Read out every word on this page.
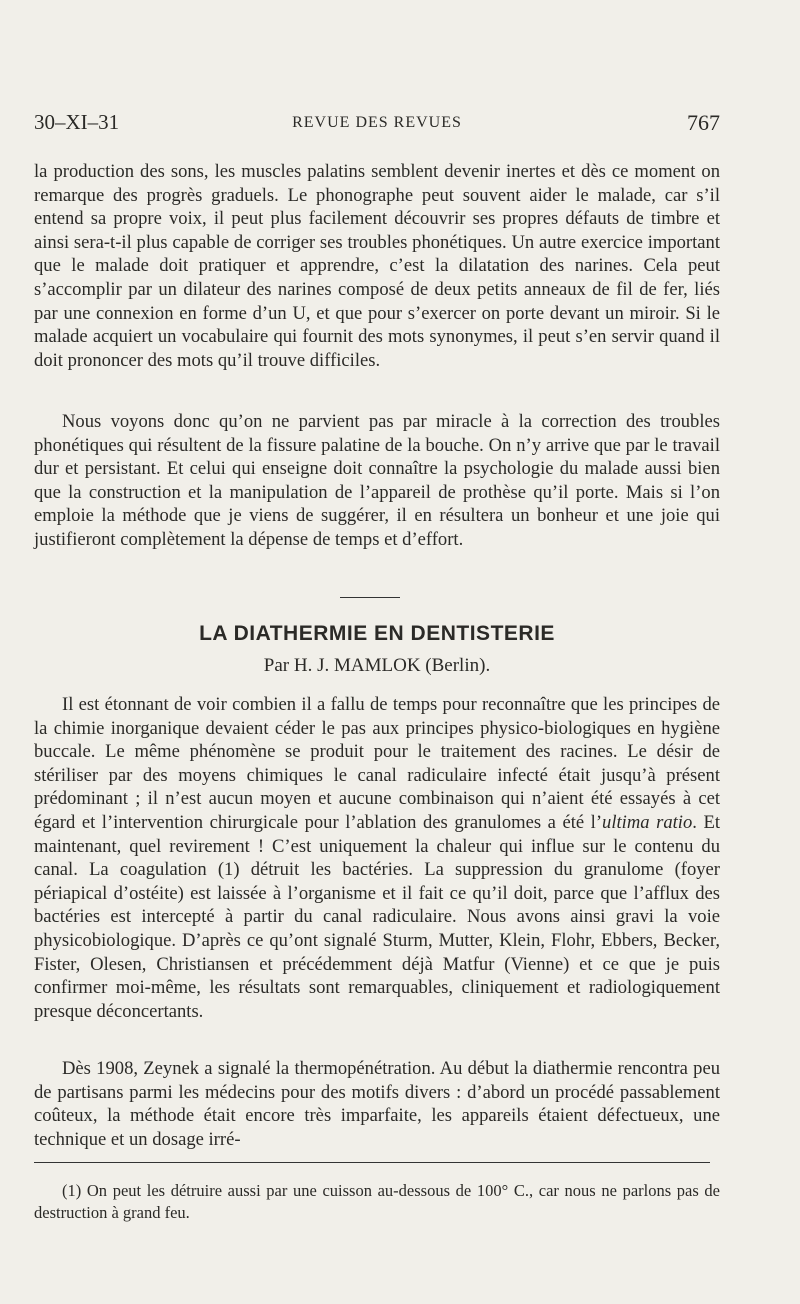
30–XI–31	REVUE DES REVUES	767

la production des sons, les muscles palatins semblent devenir inertes et dès ce moment on remarque des progrès graduels. Le phonographe peut souvent aider le malade, car s’il entend sa propre voix, il peut plus facilement découvrir ses propres défauts de timbre et ainsi sera-t-il plus capable de corriger ses troubles phonétiques. Un autre exercice important que le malade doit pratiquer et apprendre, c’est la dilatation des narines. Cela peut s’accomplir par un dilateur des narines composé de deux petits anneaux de fil de fer, liés par une connexion en forme d’un U, et que pour s’exercer on porte devant un miroir. Si le malade acquiert un vocabulaire qui fournit des mots synonymes, il peut s’en servir quand il doit prononcer des mots qu’il trouve difficiles.

Nous voyons donc qu’on ne parvient pas par miracle à la correction des troubles phonétiques qui résultent de la fissure palatine de la bouche. On n’y arrive que par le travail dur et persistant. Et celui qui enseigne doit connaître la psychologie du malade aussi bien que la construction et la manipulation de l’appareil de prothèse qu’il porte. Mais si l’on emploie la méthode que je viens de suggérer, il en résultera un bonheur et une joie qui justifieront complètement la dépense de temps et d’effort.

LA DIATHERMIE EN DENTISTERIE
Par H. J. MAMLOK (Berlin).

Il est étonnant de voir combien il a fallu de temps pour reconnaître que les principes de la chimie inorganique devaient céder le pas aux principes physico-biologiques en hygiène buccale. Le même phénomène se produit pour le traitement des racines. Le désir de stériliser par des moyens chimiques le canal radiculaire infecté était jusqu’à présent prédominant ; il n’est aucun moyen et aucune combinaison qui n’aient été essayés à cet égard et l’intervention chirurgicale pour l’ablation des granulomes a été l’ultima ratio. Et maintenant, quel revirement ! C’est uniquement la chaleur qui influe sur le contenu du canal. La coagulation (1) détruit les bactéries. La suppression du granulome (foyer périapical d’ostéite) est laissée à l’organisme et il fait ce qu’il doit, parce que l’afflux des bactéries est intercepté à partir du canal radiculaire. Nous avons ainsi gravi la voie physicobiologique. D’après ce qu’ont signalé Sturm, Mutter, Klein, Flohr, Ebbers, Becker, Fister, Olesen, Christiansen et précédemment déjà Matfur (Vienne) et ce que je puis confirmer moi-même, les résultats sont remarquables, cliniquement et radiologiquement presque déconcertants.

Dès 1908, Zeynek a signalé la thermopénétration. Au début la diathermie rencontra peu de partisans parmi les médecins pour des motifs divers : d’abord un procédé passablement coûteux, la méthode était encore très imparfaite, les appareils étaient défectueux, une technique et un dosage irré-

(1) On peut les détruire aussi par une cuisson au-dessous de 100° C., car nous ne parlons pas de destruction à grand feu.
